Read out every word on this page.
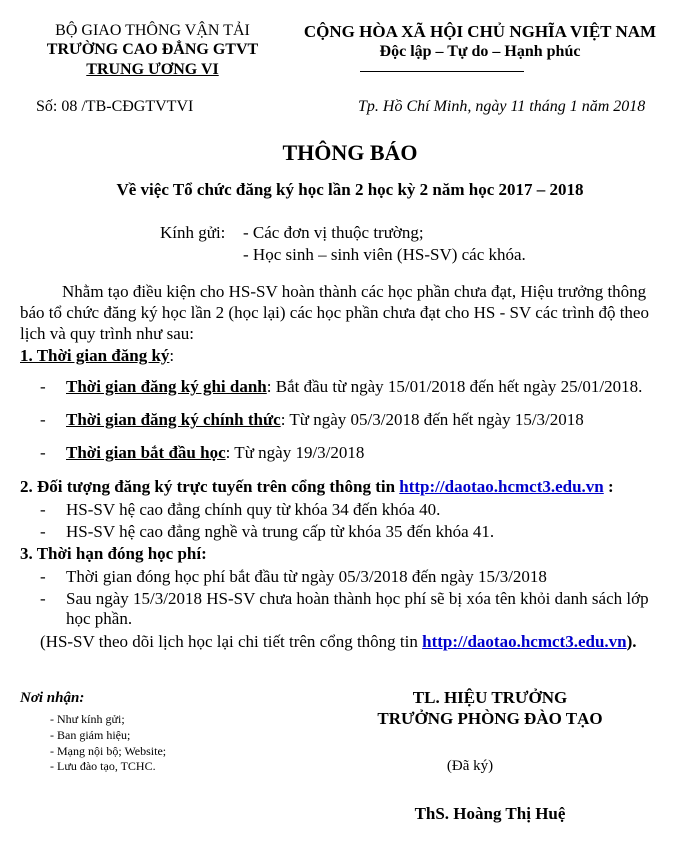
BỘ GIAO THÔNG VẬN TẢI
TRƯỜNG CAO ĐẲNG GTVT
TRUNG ƯƠNG VI
Số: 08 /TB-CĐGTVTVI
CỘNG HÒA XÃ HỘI CHỦ NGHĨA VIỆT NAM
Độc lập – Tự do – Hạnh phúc
Tp. Hồ Chí Minh, ngày 11 tháng 1 năm 2018
THÔNG BÁO
Về việc Tổ chức đăng ký học lần 2 học kỳ 2 năm học 2017 – 2018
Kính gửi: - Các đơn vị thuộc trường;
- Học sinh – sinh viên (HS-SV) các khóa.
Nhằm tạo điều kiện cho HS-SV hoàn thành các học phần chưa đạt, Hiệu trưởng thông
báo tổ chức đăng ký học lần 2 (học lại) các học phần chưa đạt cho HS - SV các trình độ theo
lịch và quy trình như sau:
1. Thời gian đăng ký:
- Thời gian đăng ký ghi danh: Bắt đầu từ ngày 15/01/2018 đến hết ngày 25/01/2018.
- Thời gian đăng ký chính thức: Từ ngày 05/3/2018 đến hết ngày 15/3/2018
- Thời gian bắt đầu học: Từ ngày 19/3/2018
2. Đối tượng đăng ký trực tuyến trên cổng thông tin http://daotao.hcmct3.edu.vn :
- HS-SV hệ cao đẳng chính quy từ khóa 34 đến khóa 40.
- HS-SV hệ cao đẳng nghề và trung cấp từ khóa 35 đến khóa 41.
3. Thời hạn đóng học phí:
- Thời gian đóng học phí bắt đầu từ ngày 05/3/2018 đến ngày 15/3/2018
- Sau ngày 15/3/2018 HS-SV chưa hoàn thành học phí sẽ bị xóa tên khỏi danh sách lớp
học phần.
(HS-SV theo dõi lịch học lại chi tiết trên cổng thông tin http://daotao.hcmct3.edu.vn).
Nơi nhận:
- Như kính gửi;
- Ban giám hiệu;
- Mạng nội bộ; Website;
- Lưu đào tạo, TCHC.
TL. HIỆU TRƯỞNG
TRƯỞNG PHÒNG ĐÀO TẠO
(Đã ký)
ThS. Hoàng Thị Huệ
